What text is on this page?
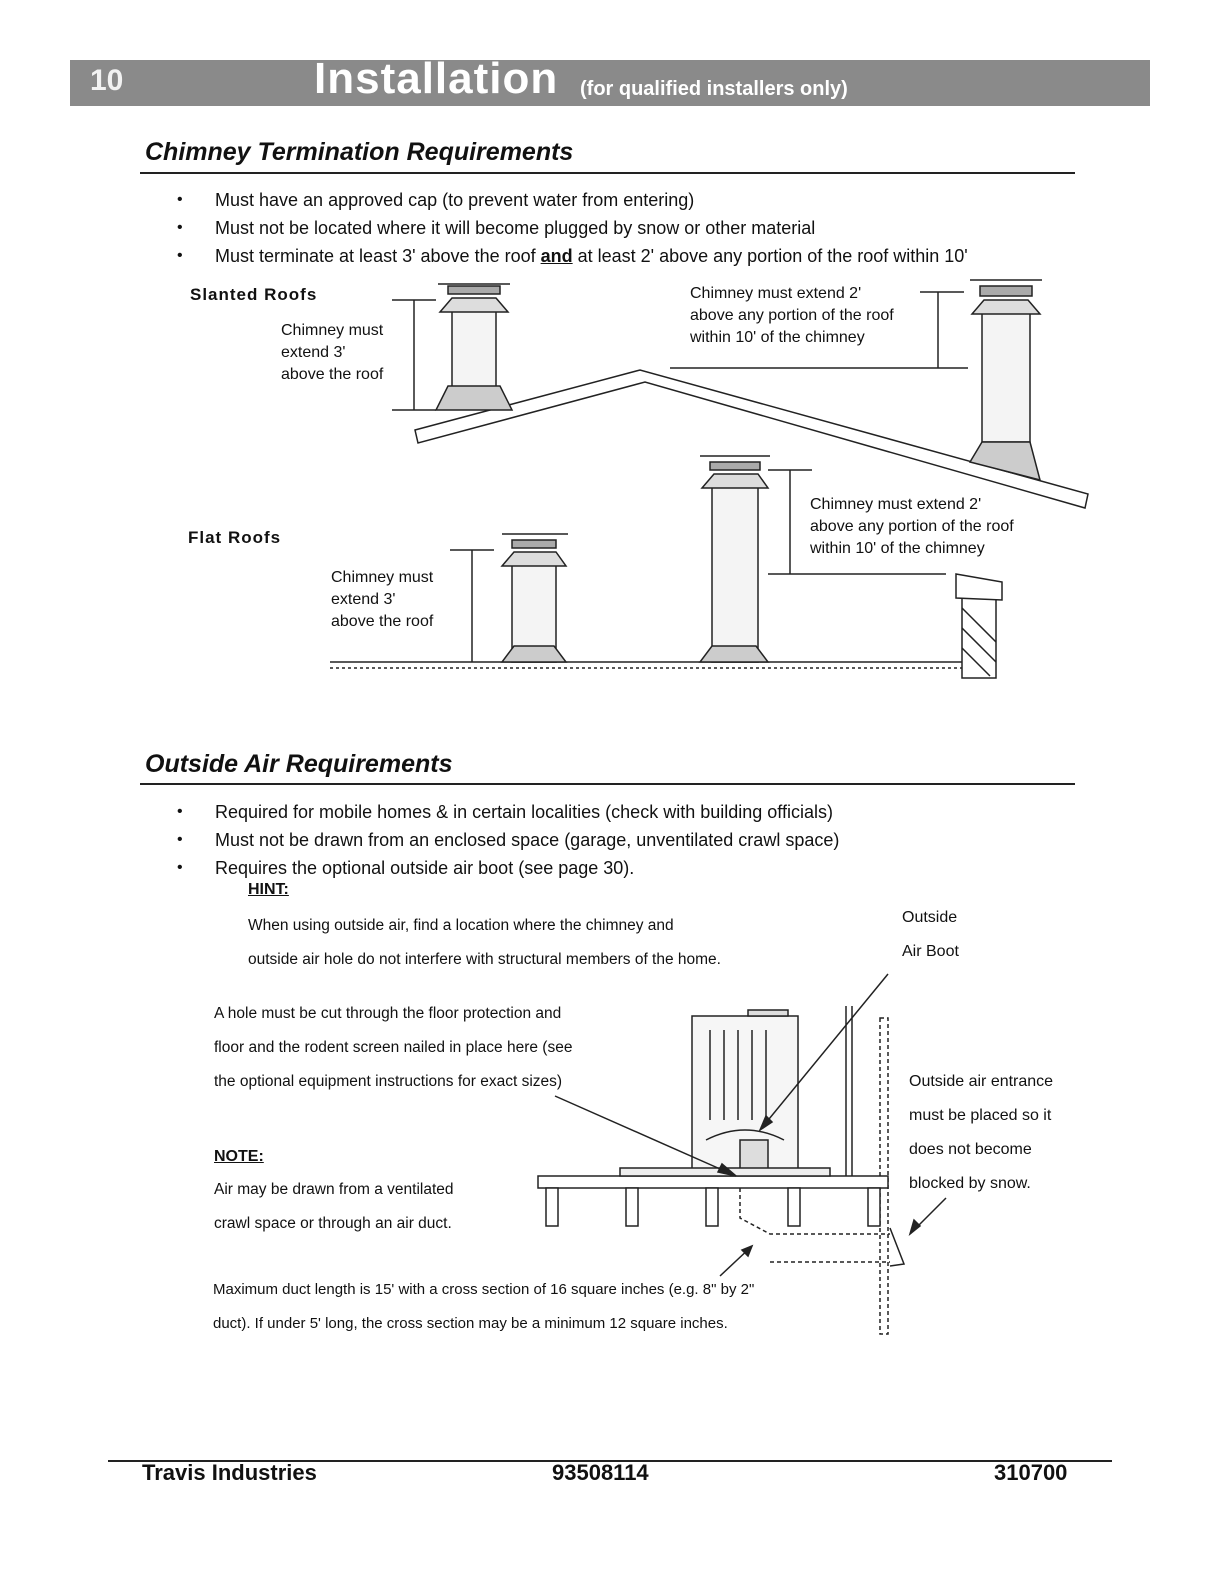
10	Installation (for qualified installers only)
Chimney Termination Requirements
• Must have an approved cap (to prevent water from entering)
• Must not be located where it will become plugged by snow or other material
• Must terminate at least 3' above the roof and at least 2' above any portion of the roof within 10'
Slanted Roofs
Chimney must
extend 3'
above the roof
Chimney must extend 2'
above any portion of the roof
within 10' of the chimney
Flat Roofs
Chimney must
extend 3'
above the roof
Chimney must extend 2'
above any portion of the roof
within 10' of the chimney
Outside Air Requirements
• Required for mobile homes & in certain localities (check with building officials)
• Must not be drawn from an enclosed space (garage, unventilated crawl space)
• Requires the optional outside air boot (see page 30).
HINT:
When using outside air, find a location where the chimney and
outside air hole do not interfere with structural members of the home.
Outside
Air Boot
A hole must be cut through the floor protection and
floor and the rodent screen nailed in place here (see
the optional equipment instructions for exact sizes)
NOTE:
Air may be drawn from a ventilated
crawl space or through an air duct.
Outside air entrance
must be placed so it
does not become
blocked by snow.
Maximum duct length is 15' with a cross section of 16 square inches (e.g. 8" by 2"
duct). If under 5' long, the cross section may be a minimum 12 square inches.
Travis Industries	93508114	310700
